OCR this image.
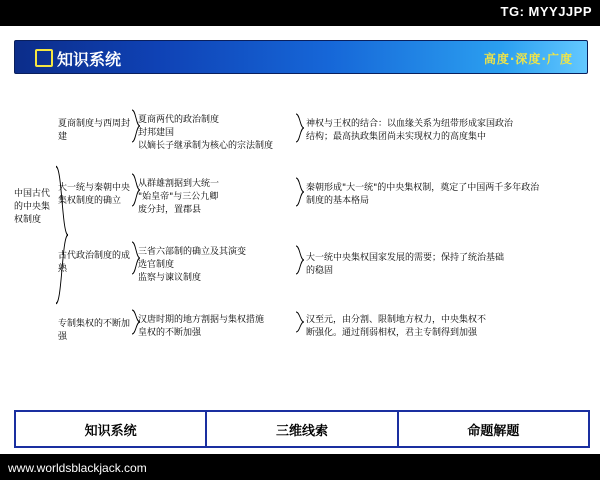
TG: MYYJJPP
知识系统	高度·深度·广度
中国古代的中央集权制度
夏商制度与西周封建
夏商两代的政治制度
封邦建国
以嫡长子继承制为核心的宗法制度
神权与王权的结合：以血缘关系为纽带形成家国政治
结构；最高执政集团尚未实现权力的高度集中
大一统与秦朝中央集权制度的确立
从群雄割据到大统一
"始皇帝"与三公九卿
废分封，置郡县
秦朝形成"大一统"的中央集权制，奠定了中国两千多年政治
制度的基本格局
古代政治制度的成熟
三省六部制的确立及其演变
选官制度
监察与谏议制度
大一统中央集权国家发展的需要；保持了统治基础
的稳固
专制集权的不断加强
汉唐时期的地方割据与集权措施
皇权的不断加强
汉至元，由分割、限制地方权力，中央集权不
断强化。通过削弱相权，君主专制得到加强
知识系统	三维线索	命题解题
www.worldsblackjack.com
